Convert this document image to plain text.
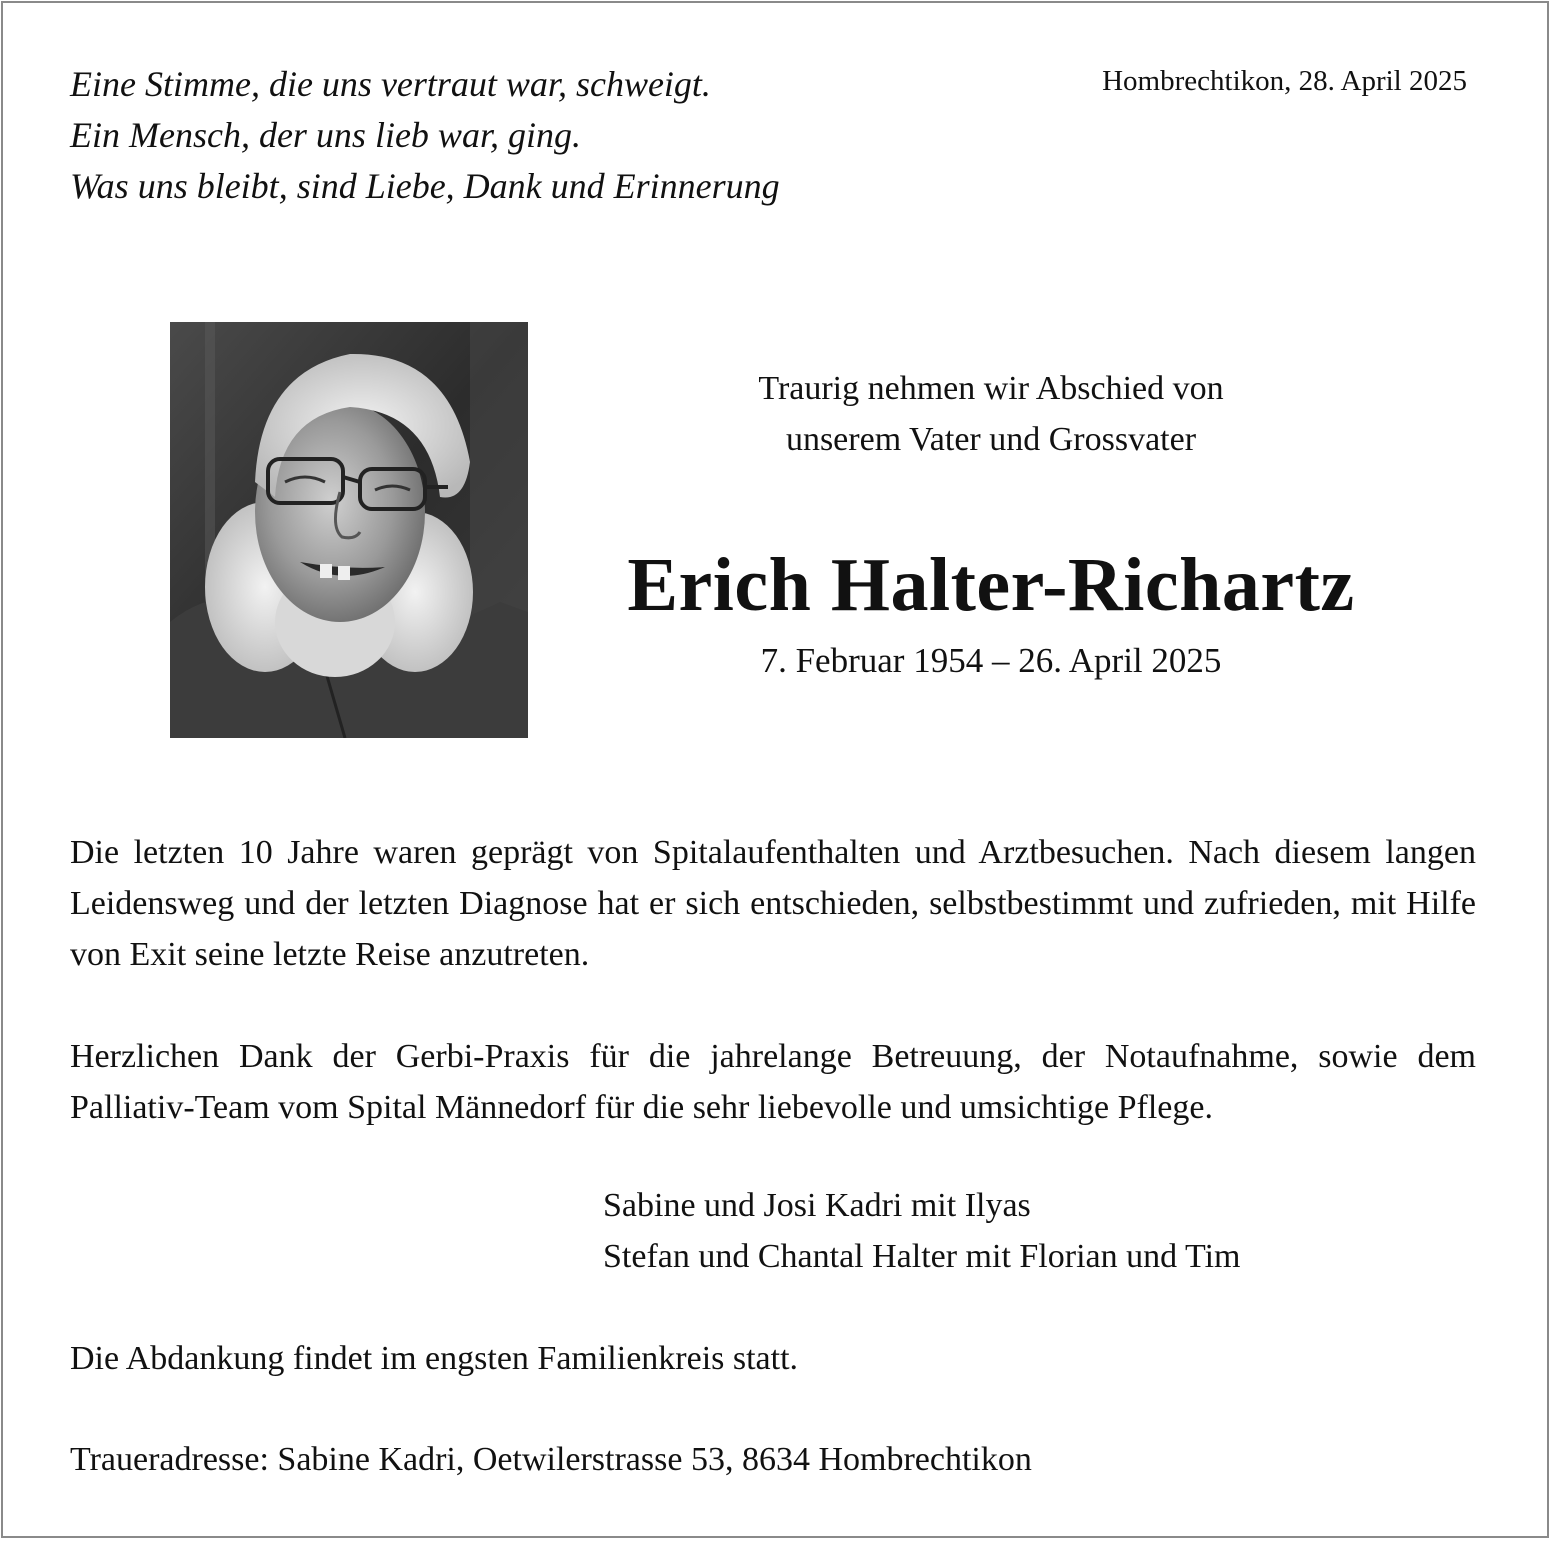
Eine Stimme, die uns vertraut war, schweigt.
Ein Mensch, der uns lieb war, ging.
Was uns bleibt, sind Liebe, Dank und Erinnerung
Hombrechtikon, 28. April 2025
Traurig nehmen wir Abschied von
unserem Vater und Grossvater
Erich Halter-Richartz
7. Februar 1954 – 26. April 2025
Die letzten 10 Jahre waren geprägt von Spitalaufenthalten und Arztbesuchen. Nach diesem langen Leidensweg und der letzten Diagnose hat er sich entschieden, selbstbestimmt und zufrieden, mit Hilfe von Exit seine letzte Reise anzutreten.
Herzlichen Dank der Gerbi-Praxis für die jahrelange Betreuung, der Notaufnahme, sowie dem Palliativ-Team vom Spital Männedorf für die sehr liebevolle und umsichtige Pflege.
Sabine und Josi Kadri mit Ilyas
Stefan und Chantal Halter mit Florian und Tim
Die Abdankung findet im engsten Familienkreis statt.
Traueradresse: Sabine Kadri, Oetwilerstrasse 53, 8634 Hombrechtikon
